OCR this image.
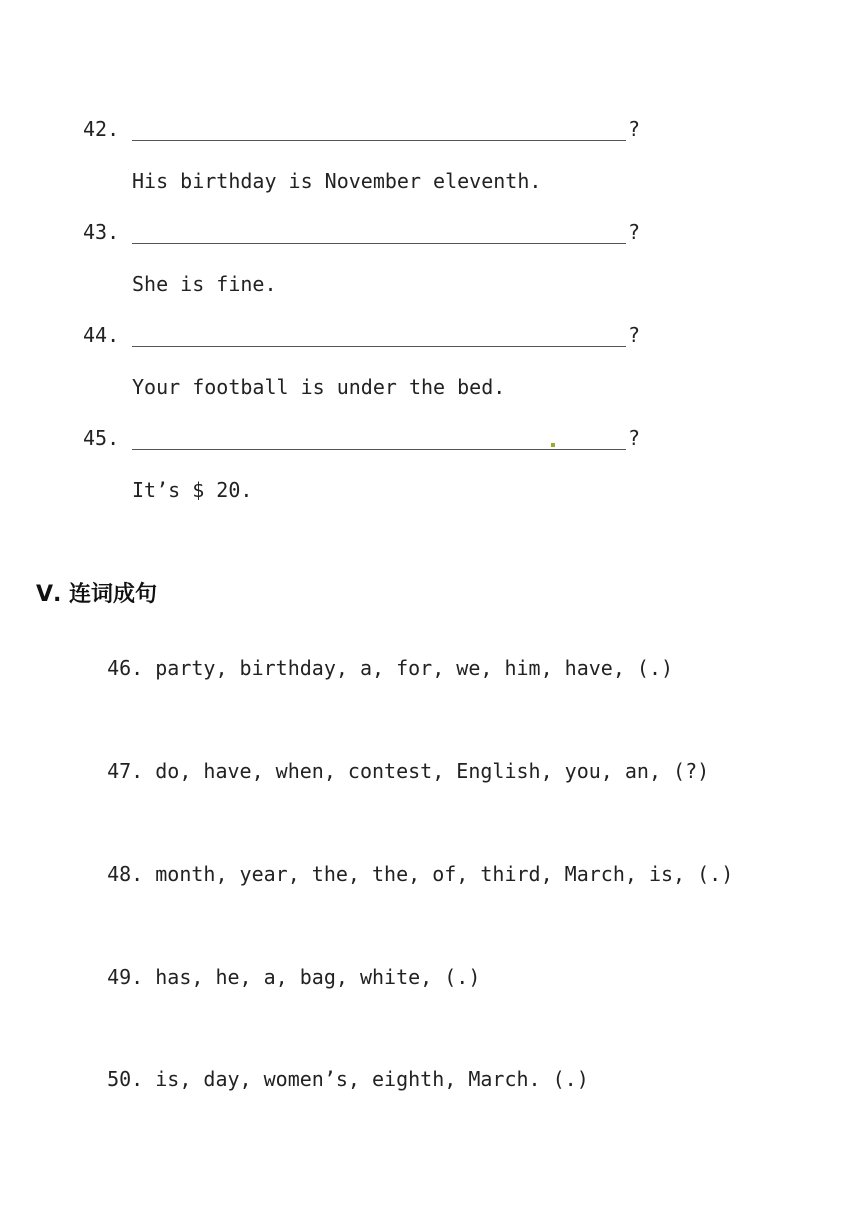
42.	?
His birthday is November eleventh.
43.	?
She is fine.
44.	?
Your football is under the bed.
45.	?
It’s $ 20.
Ⅴ. 连词成句

46. party, birthday, a, for, we, him, have, (.)

47. do, have, when, contest, English, you, an, (?)

48. month, year, the, the, of, third, March, is, (.)

49. has, he, a, bag, white, (.)

50. is, day, women’s, eighth, March. (.)
